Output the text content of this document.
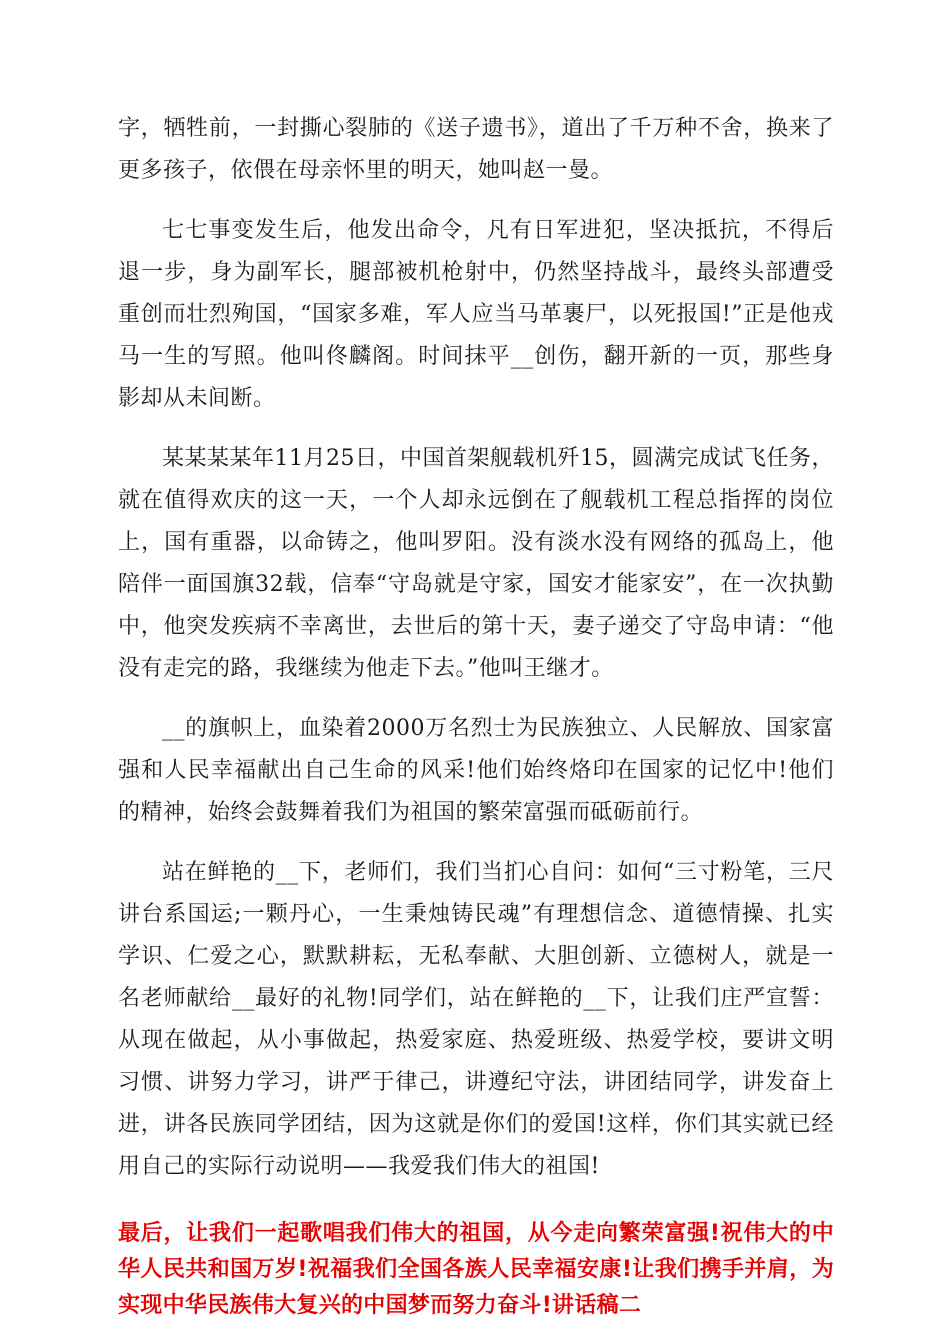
字，牺牲前，一封撕心裂肺的《送子遗书》，道出了千万种不舍，换来了更多孩子，依偎在母亲怀里的明天，她叫赵一曼。

七七事变发生后，他发出命令，凡有日军进犯，坚决抵抗，不得后退一步，身为副军长，腿部被机枪射中，仍然坚持战斗，最终头部遭受重创而壮烈殉国，“国家多难，军人应当马革裹尸，以死报国!”正是他戎马一生的写照。他叫佟麟阁。时间抹平__创伤，翻开新的一页，那些身影却从未间断。

某某某某年11月25日，中国首架舰载机歼15，圆满完成试飞任务，就在值得欢庆的这一天，一个人却永远倒在了舰载机工程总指挥的岗位上，国有重器，以命铸之，他叫罗阳。没有淡水没有网络的孤岛上，他陪伴一面国旗32载，信奉“守岛就是守家，国安才能家安”，在一次执勤中，他突发疾病不幸离世，去世后的第十天，妻子递交了守岛申请：“他没有走完的路，我继续为他走下去。”他叫王继才。

__的旗帜上，血染着2000万名烈士为民族独立、人民解放、国家富强和人民幸福献出自己生命的风采!他们始终烙印在国家的记忆中!他们的精神，始终会鼓舞着我们为祖国的繁荣富强而砥砺前行。

站在鲜艳的__下，老师们，我们当扪心自问：如何“三寸粉笔，三尺讲台系国运;一颗丹心，一生秉烛铸民魂”有理想信念、道德情操、扎实学识、仁爱之心，默默耕耘，无私奉献、大胆创新、立德树人，就是一名老师献给__最好的礼物!同学们，站在鲜艳的__下，让我们庄严宣誓：从现在做起，从小事做起，热爱家庭、热爱班级、热爱学校，要讲文明习惯、讲努力学习，讲严于律己，讲遵纪守法，讲团结同学，讲发奋上进，讲各民族同学团结，因为这就是你们的爱国!这样，你们其实就已经用自己的实际行动说明——我爱我们伟大的祖国!

最后，让我们一起歌唱我们伟大的祖国，从今走向繁荣富强!祝伟大的中华人民共和国万岁!祝福我们全国各族人民幸福安康!让我们携手并肩，为实现中华民族伟大复兴的中国梦而努力奋斗!讲话稿二
